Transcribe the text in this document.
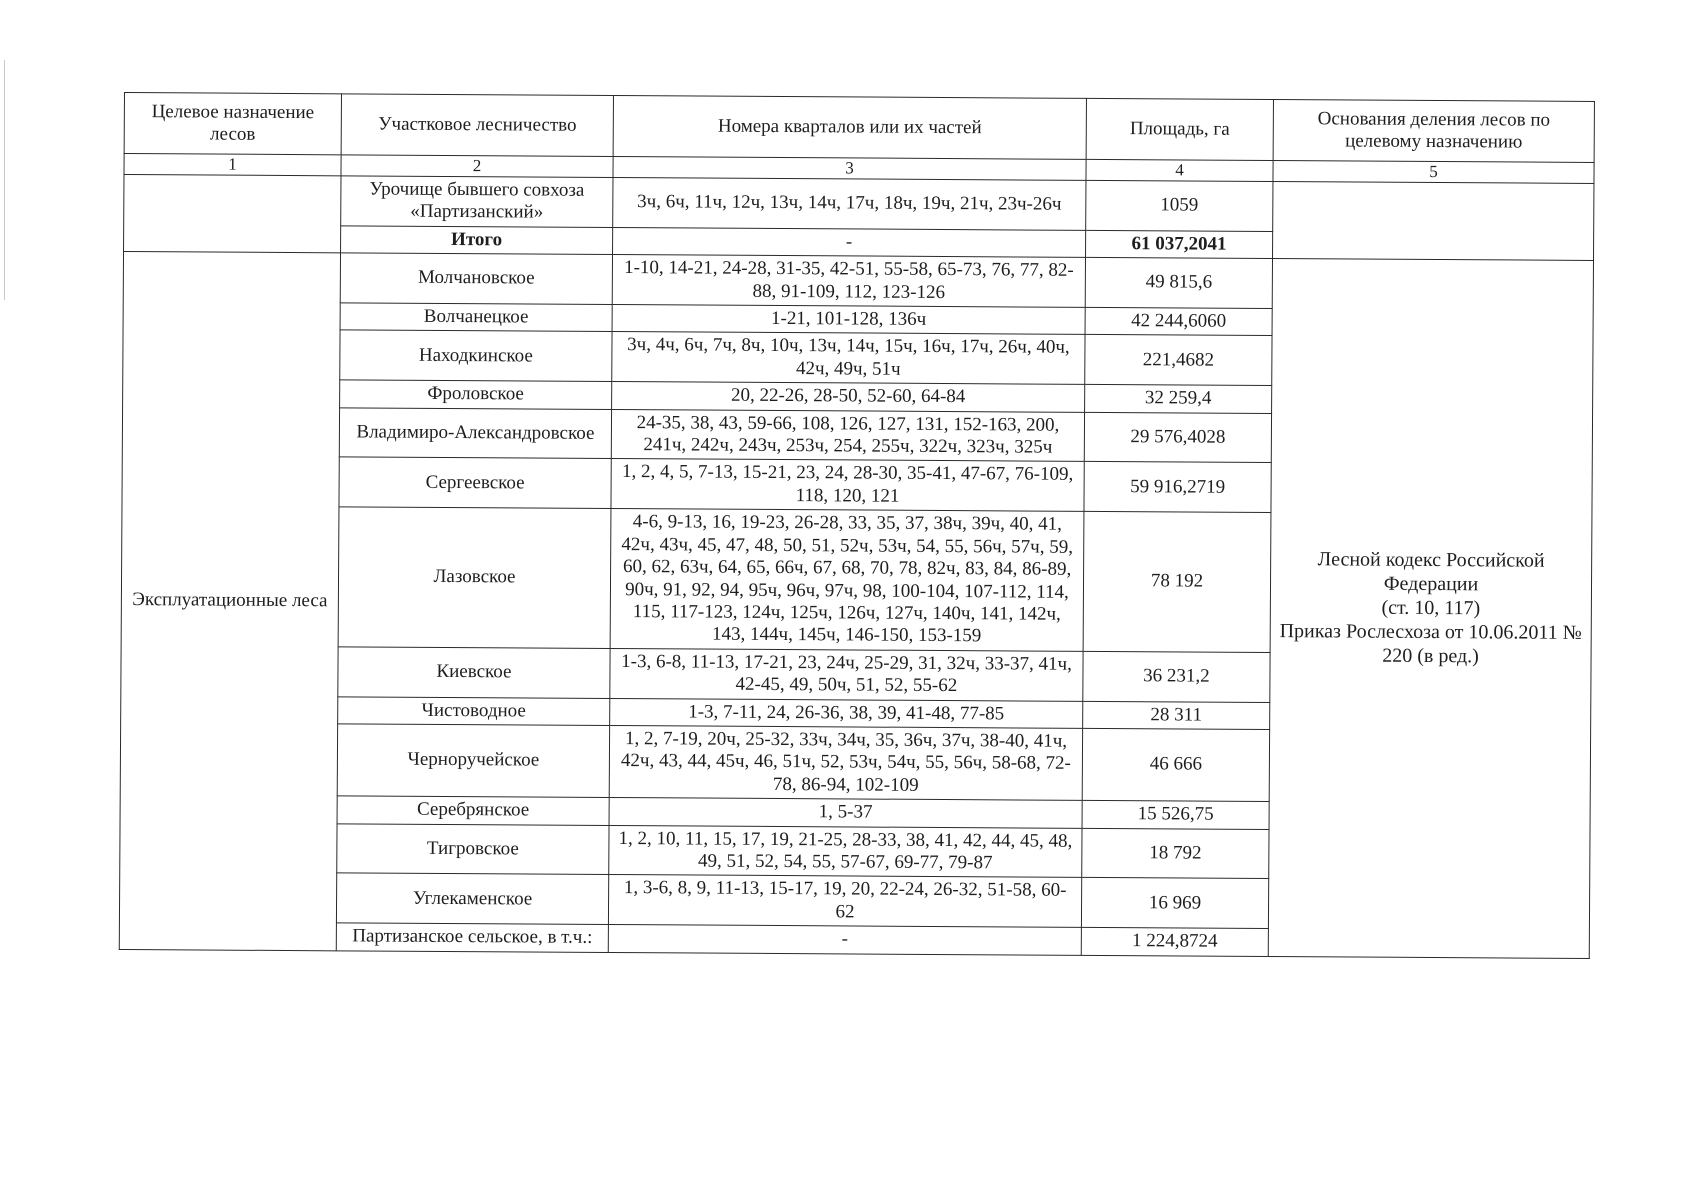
Целевое назначение лесов	Участковое лесничество	Номера кварталов или их частей	Площадь, га	Основания деления лесов по целевому назначению
1	2	3	4	5
	Урочище бывшего совхоза «Партизанский»	3ч, 6ч, 11ч, 12ч, 13ч, 14ч, 17ч, 18ч, 19ч, 21ч, 23ч-26ч	1059	
	Итого	-	61 037,2041	
Эксплуатационные леса	Молчановское	1-10, 14-21, 24-28, 31-35, 42-51, 55-58, 65-73, 76, 77, 82-88, 91-109, 112, 123-126	49 815,6	Лесной кодекс Российской Федерации
(ст. 10, 117)
Приказ Рослесхоза от 10.06.2011 № 220 (в ред.)

	Волчанецкое	1-21, 101-128, 136ч	42 244,6060	
	Находкинское	3ч, 4ч, 6ч, 7ч, 8ч, 10ч, 13ч, 14ч, 15ч, 16ч, 17ч, 26ч, 40ч, 42ч, 49ч, 51ч	221,4682	
	Фроловское	20, 22-26, 28-50, 52-60, 64-84	32 259,4	
	Владимиро-Александровское	24-35, 38, 43, 59-66, 108, 126, 127, 131, 152-163, 200, 241ч, 242ч, 243ч, 253ч, 254, 255ч, 322ч, 323ч, 325ч	29 576,4028	
	Сергеевское	1, 2, 4, 5, 7-13, 15-21, 23, 24, 28-30, 35-41, 47-67, 76-109, 118, 120, 121	59 916,2719	
	Лазовское	4-6, 9-13, 16, 19-23, 26-28, 33, 35, 37, 38ч, 39ч, 40, 41, 42ч, 43ч, 45, 47, 48, 50, 51, 52ч, 53ч, 54, 55, 56ч, 57ч, 59, 60, 62, 63ч, 64, 65, 66ч, 67, 68, 70, 78, 82ч, 83, 84, 86-89, 90ч, 91, 92, 94, 95ч, 96ч, 97ч, 98, 100-104, 107-112, 114, 115, 117-123, 124ч, 125ч, 126ч, 127ч, 140ч, 141, 142ч, 143, 144ч, 145ч, 146-150, 153-159	78 192	
	Киевское	1-3, 6-8, 11-13, 17-21, 23, 24ч, 25-29, 31, 32ч, 33-37, 41ч, 42-45, 49, 50ч, 51, 52, 55-62	36 231,2	
	Чистоводное	1-3, 7-11, 24, 26-36, 38, 39, 41-48, 77-85	28 311	
	Черноручейское	1, 2, 7-19, 20ч, 25-32, 33ч, 34ч, 35, 36ч, 37ч, 38-40, 41ч, 42ч, 43, 44, 45ч, 46, 51ч, 52, 53ч, 54ч, 55, 56ч, 58-68, 72-78, 86-94, 102-109	46 666	
	Серебрянское	1, 5-37	15 526,75	
	Тигровское	1, 2, 10, 11, 15, 17, 19, 21-25, 28-33, 38, 41, 42, 44, 45, 48, 49, 51, 52, 54, 55, 57-67, 69-77, 79-87	18 792	
	Углекаменское	1, 3-6, 8, 9, 11-13, 15-17, 19, 20, 22-24, 26-32, 51-58, 60-62	16 969	
	Партизанское сельское, в т.ч.:	-	1 224,8724	
